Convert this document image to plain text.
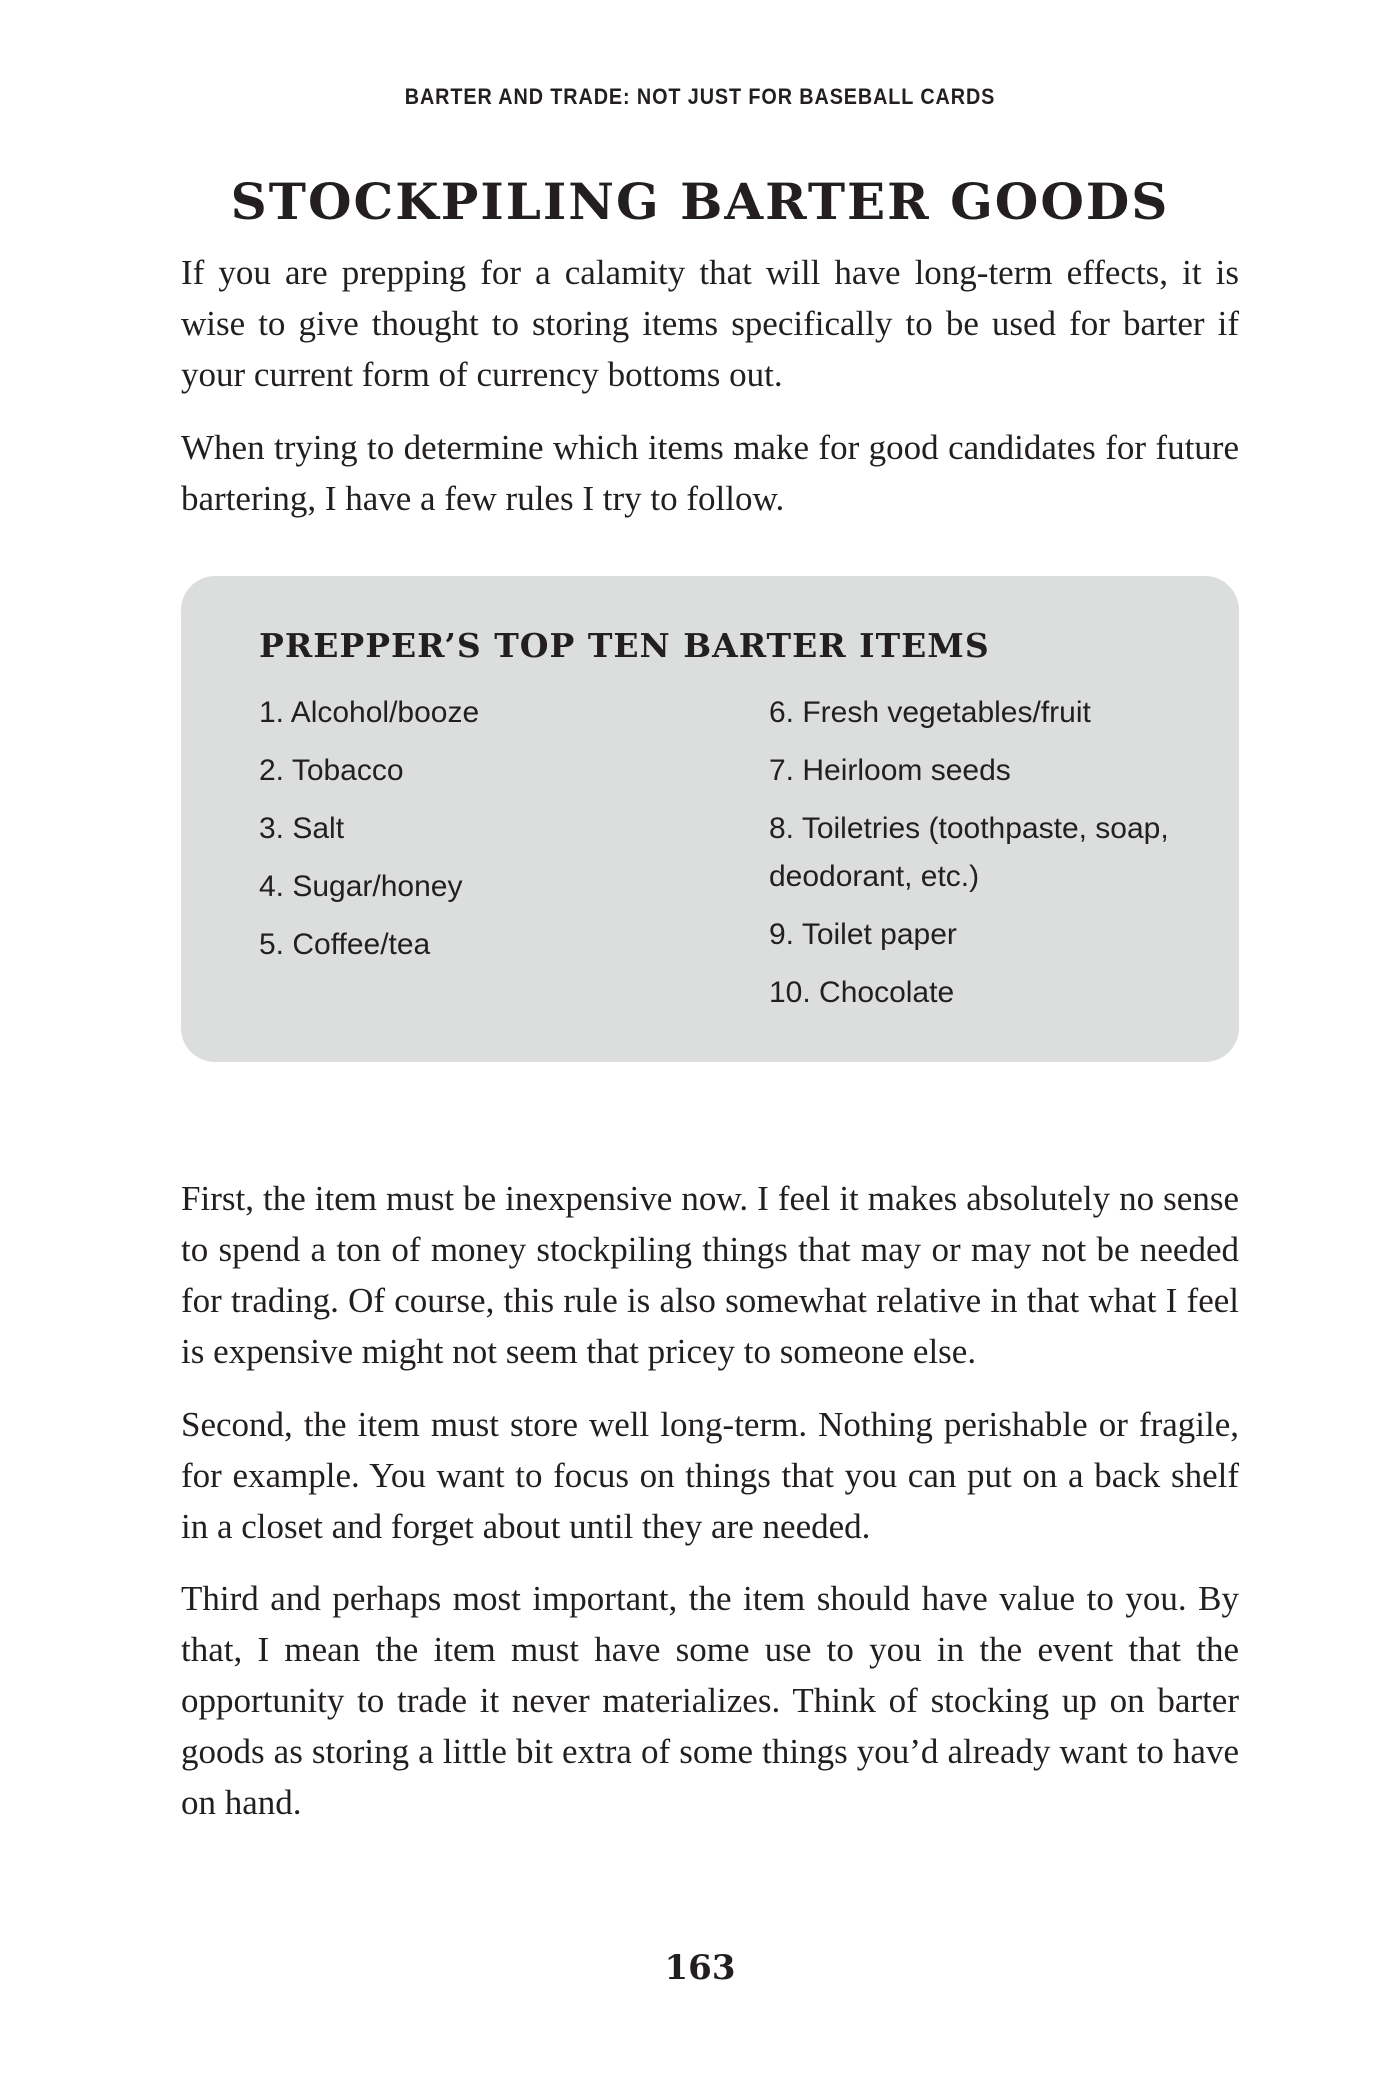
BARTER AND TRADE: NOT JUST FOR BASEBALL CARDS
STOCKPILING BARTER GOODS

If you are prepping for a calamity that will have long-term effects, it is wise to give thought to storing items specifically to be used for barter if your current form of currency bottoms out.

When trying to determine which items make for good candidates for future bartering, I have a few rules I try to follow.

PREPPER’S TOP TEN BARTER ITEMS
1. Alcohol/booze
2. Tobacco
3. Salt
4. Sugar/honey
5. Coffee/tea
6. Fresh vegetables/fruit
7. Heirloom seeds
8. Toiletries (toothpaste, soap, deodorant, etc.)
9. Toilet paper
10. Chocolate

First, the item must be inexpensive now. I feel it makes absolutely no sense to spend a ton of money stockpiling things that may or may not be needed for trading. Of course, this rule is also somewhat relative in that what I feel is expensive might not seem that pricey to someone else.

Second, the item must store well long-term. Nothing perishable or fragile, for example. You want to focus on things that you can put on a back shelf in a closet and forget about until they are needed.

Third and perhaps most important, the item should have value to you. By that, I mean the item must have some use to you in the event that the opportunity to trade it never materializes. Think of stocking up on barter goods as storing a little bit extra of some things you’d already want to have on hand.

163
